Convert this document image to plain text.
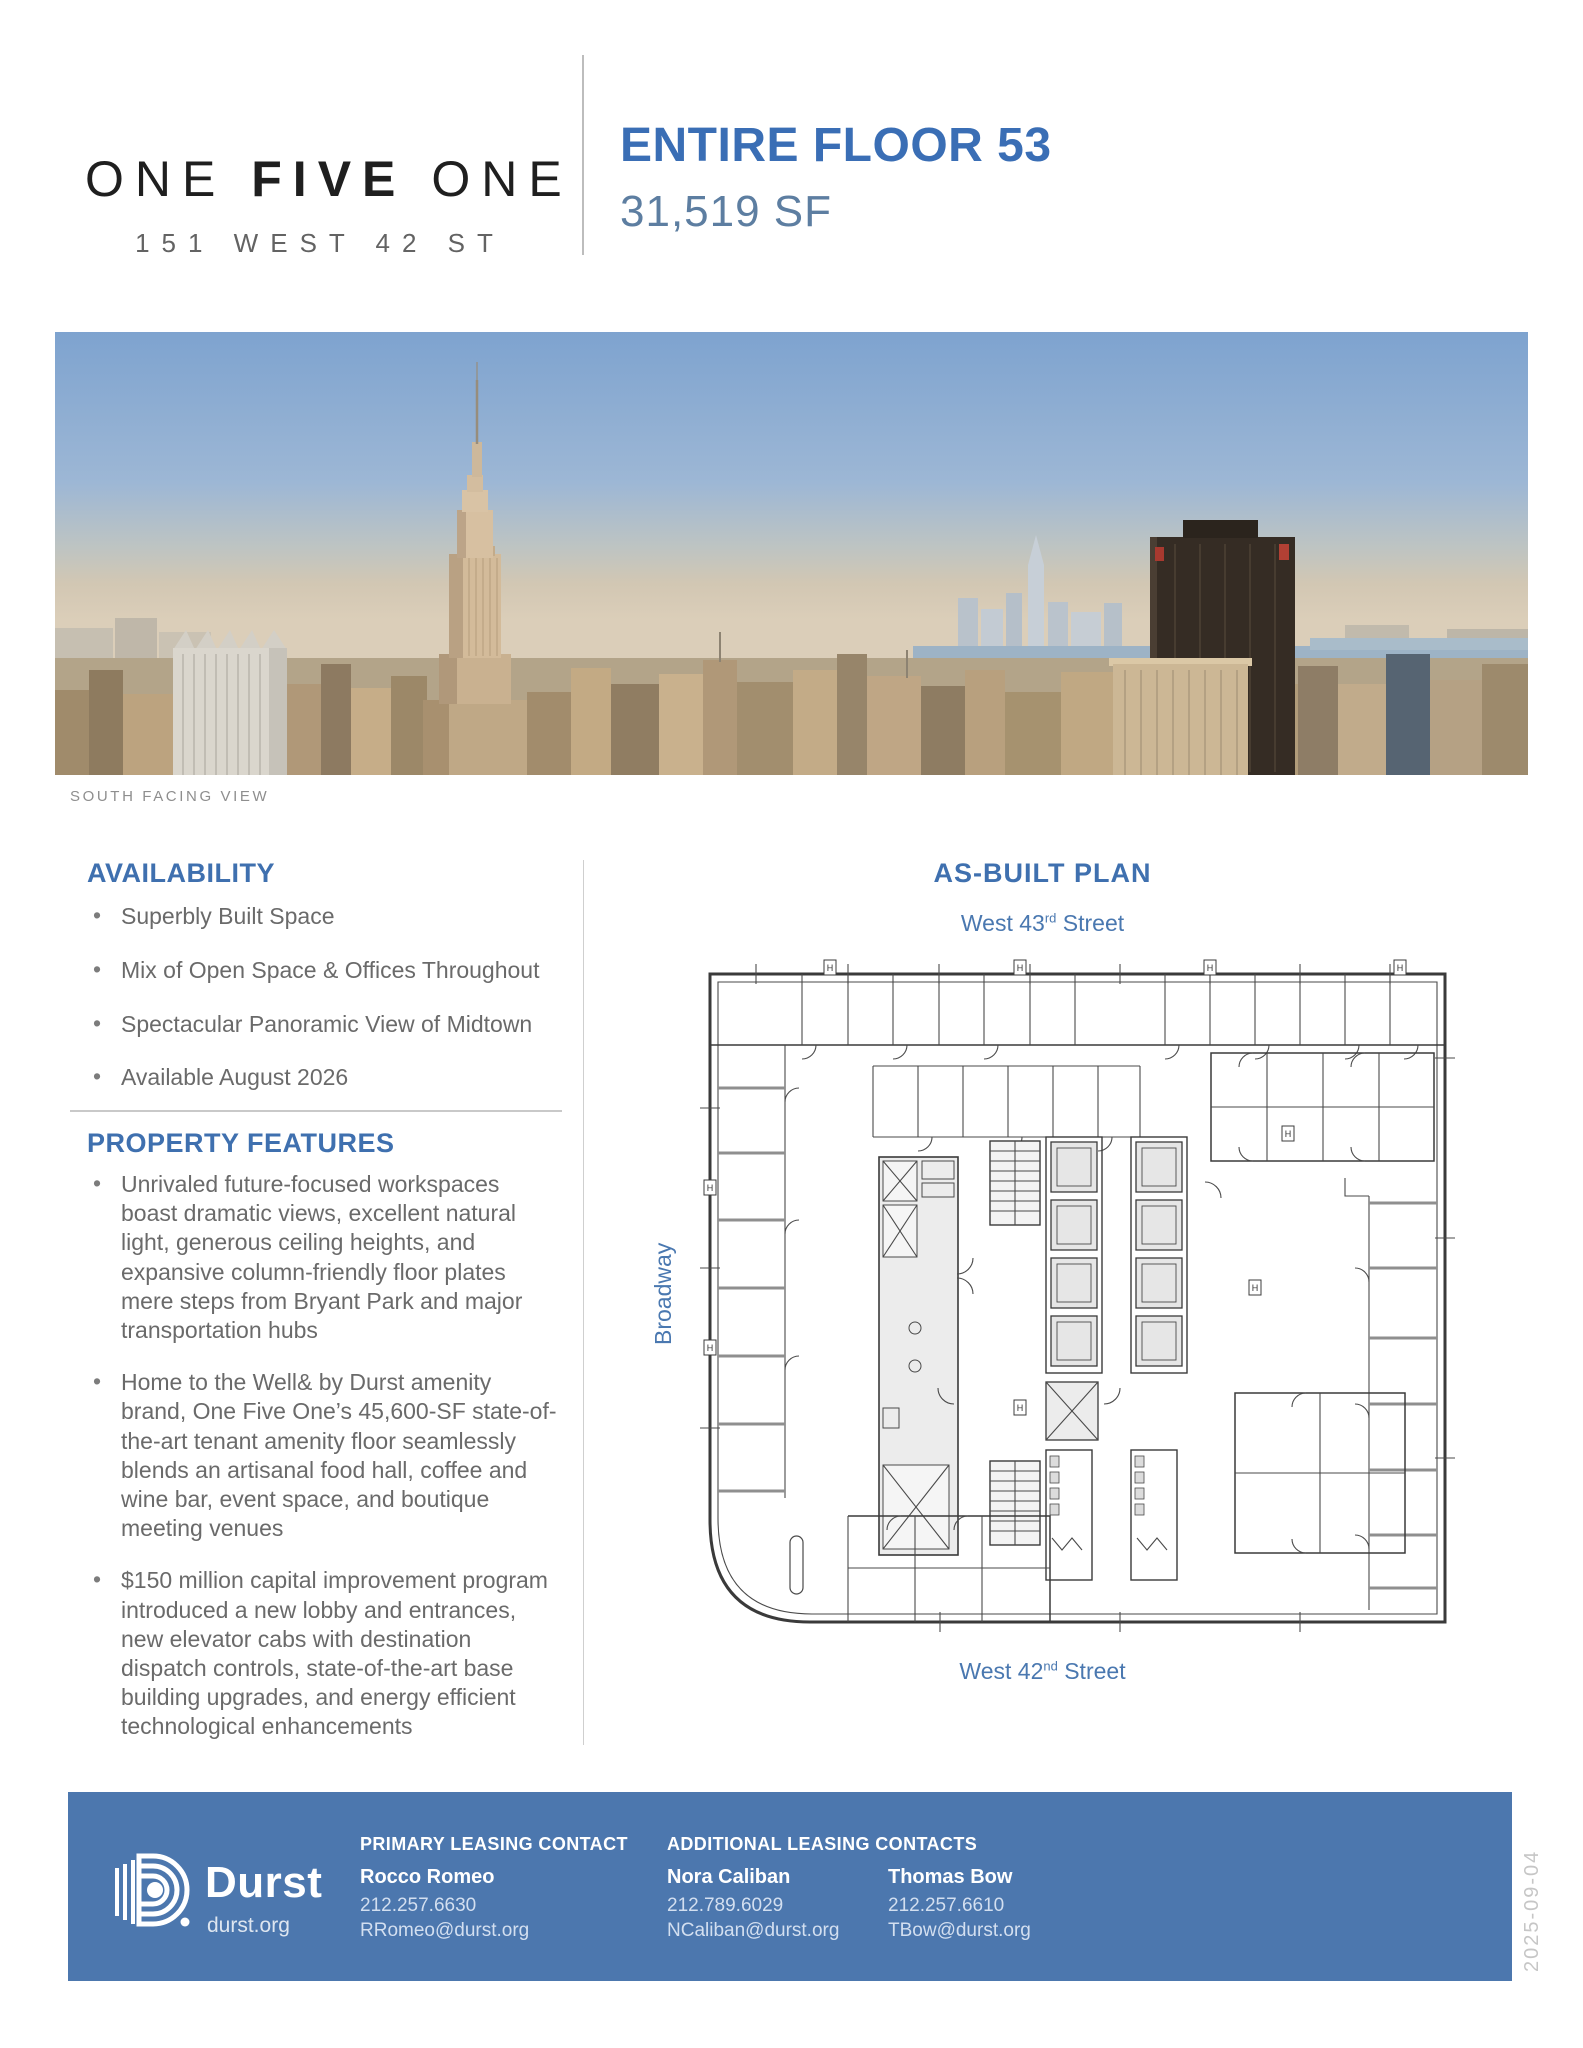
ONE FIVE ONE
151 WEST 42 ST
ENTIRE FLOOR 53
31,519 SF
SOUTH FACING VIEW
AVAILABILITY
• Superbly Built Space
• Mix of Open Space & Offices Throughout
• Spectacular Panoramic View of Midtown
• Available August 2026
PROPERTY FEATURES
• Unrivaled future-focused workspaces boast dramatic views, excellent natural light, generous ceiling heights, and expansive column-friendly floor plates mere steps from Bryant Park and major transportation hubs
• Home to the Well& by Durst amenity brand, One Five One’s 45,600-SF state-of-the-art tenant amenity floor seamlessly blends an artisanal food hall, coffee and wine bar, event space, and boutique meeting venues
• $150 million capital improvement program introduced a new lobby and entrances, new elevator cabs with destination dispatch controls, state-of-the-art base building upgrades, and energy efficient technological enhancements
AS-BUILT PLAN
West 43rd Street
Broadway
West 42nd Street
H	H	H	H
H
H
H
H
H
Durst
durst.org
PRIMARY LEASING CONTACT ADDITIONAL LEASING CONTACTS
Rocco Romeo
212.257.6630
RRomeo@durst.org
Nora Caliban
212.789.6029
NCaliban@durst.org
Thomas Bow
212.257.6610
TBow@durst.org	2025-09-04
